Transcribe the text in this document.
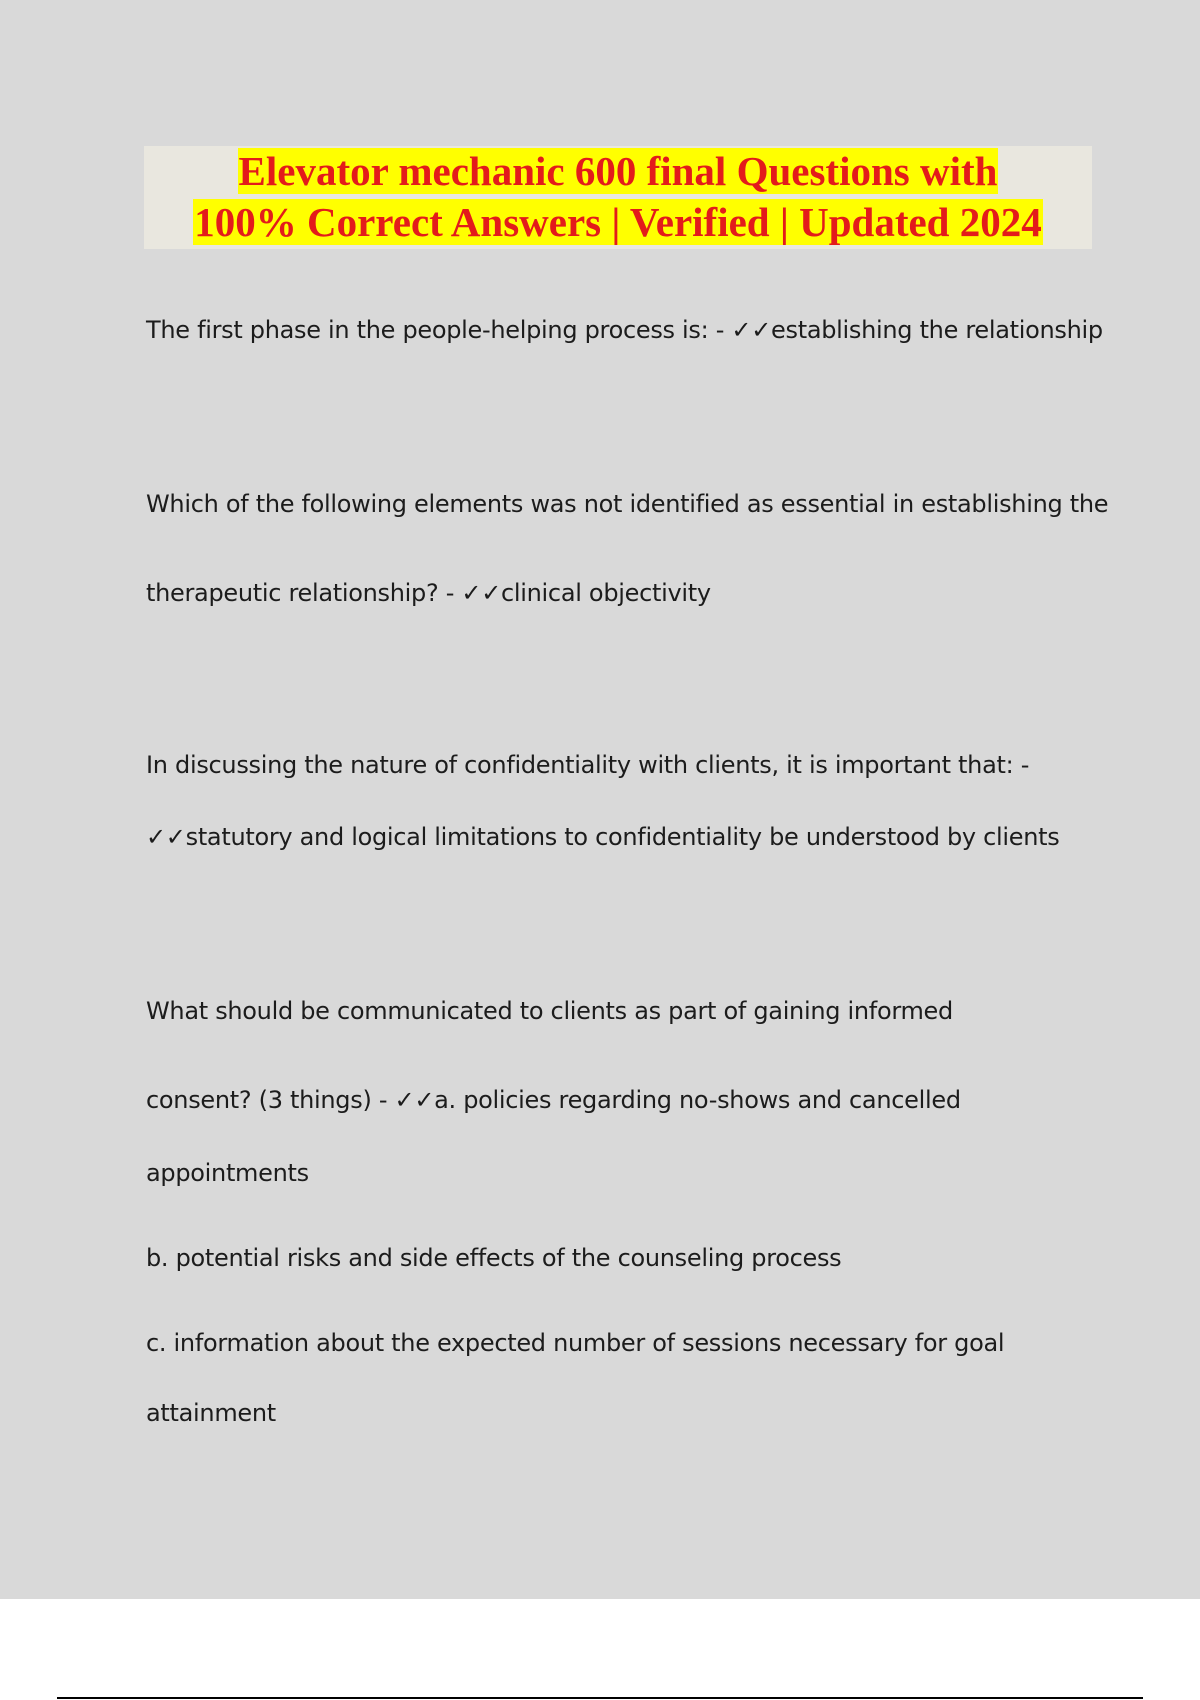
Elevator mechanic 600 final Questions with
100% Correct Answers | Verified | Updated 2024

The first phase in the people-helping process is: - ✓✓establishing the relationship

Which of the following elements was not identified as essential in establishing the

therapeutic relationship? - ✓✓clinical objectivity

In discussing the nature of confidentiality with clients, it is important that: -

✓✓statutory and logical limitations to confidentiality be understood by clients

What should be communicated to clients as part of gaining informed

consent? (3 things) - ✓✓a. policies regarding no-shows and cancelled

appointments

b. potential risks and side effects of the counseling process

c. information about the expected number of sessions necessary for goal

attainment
